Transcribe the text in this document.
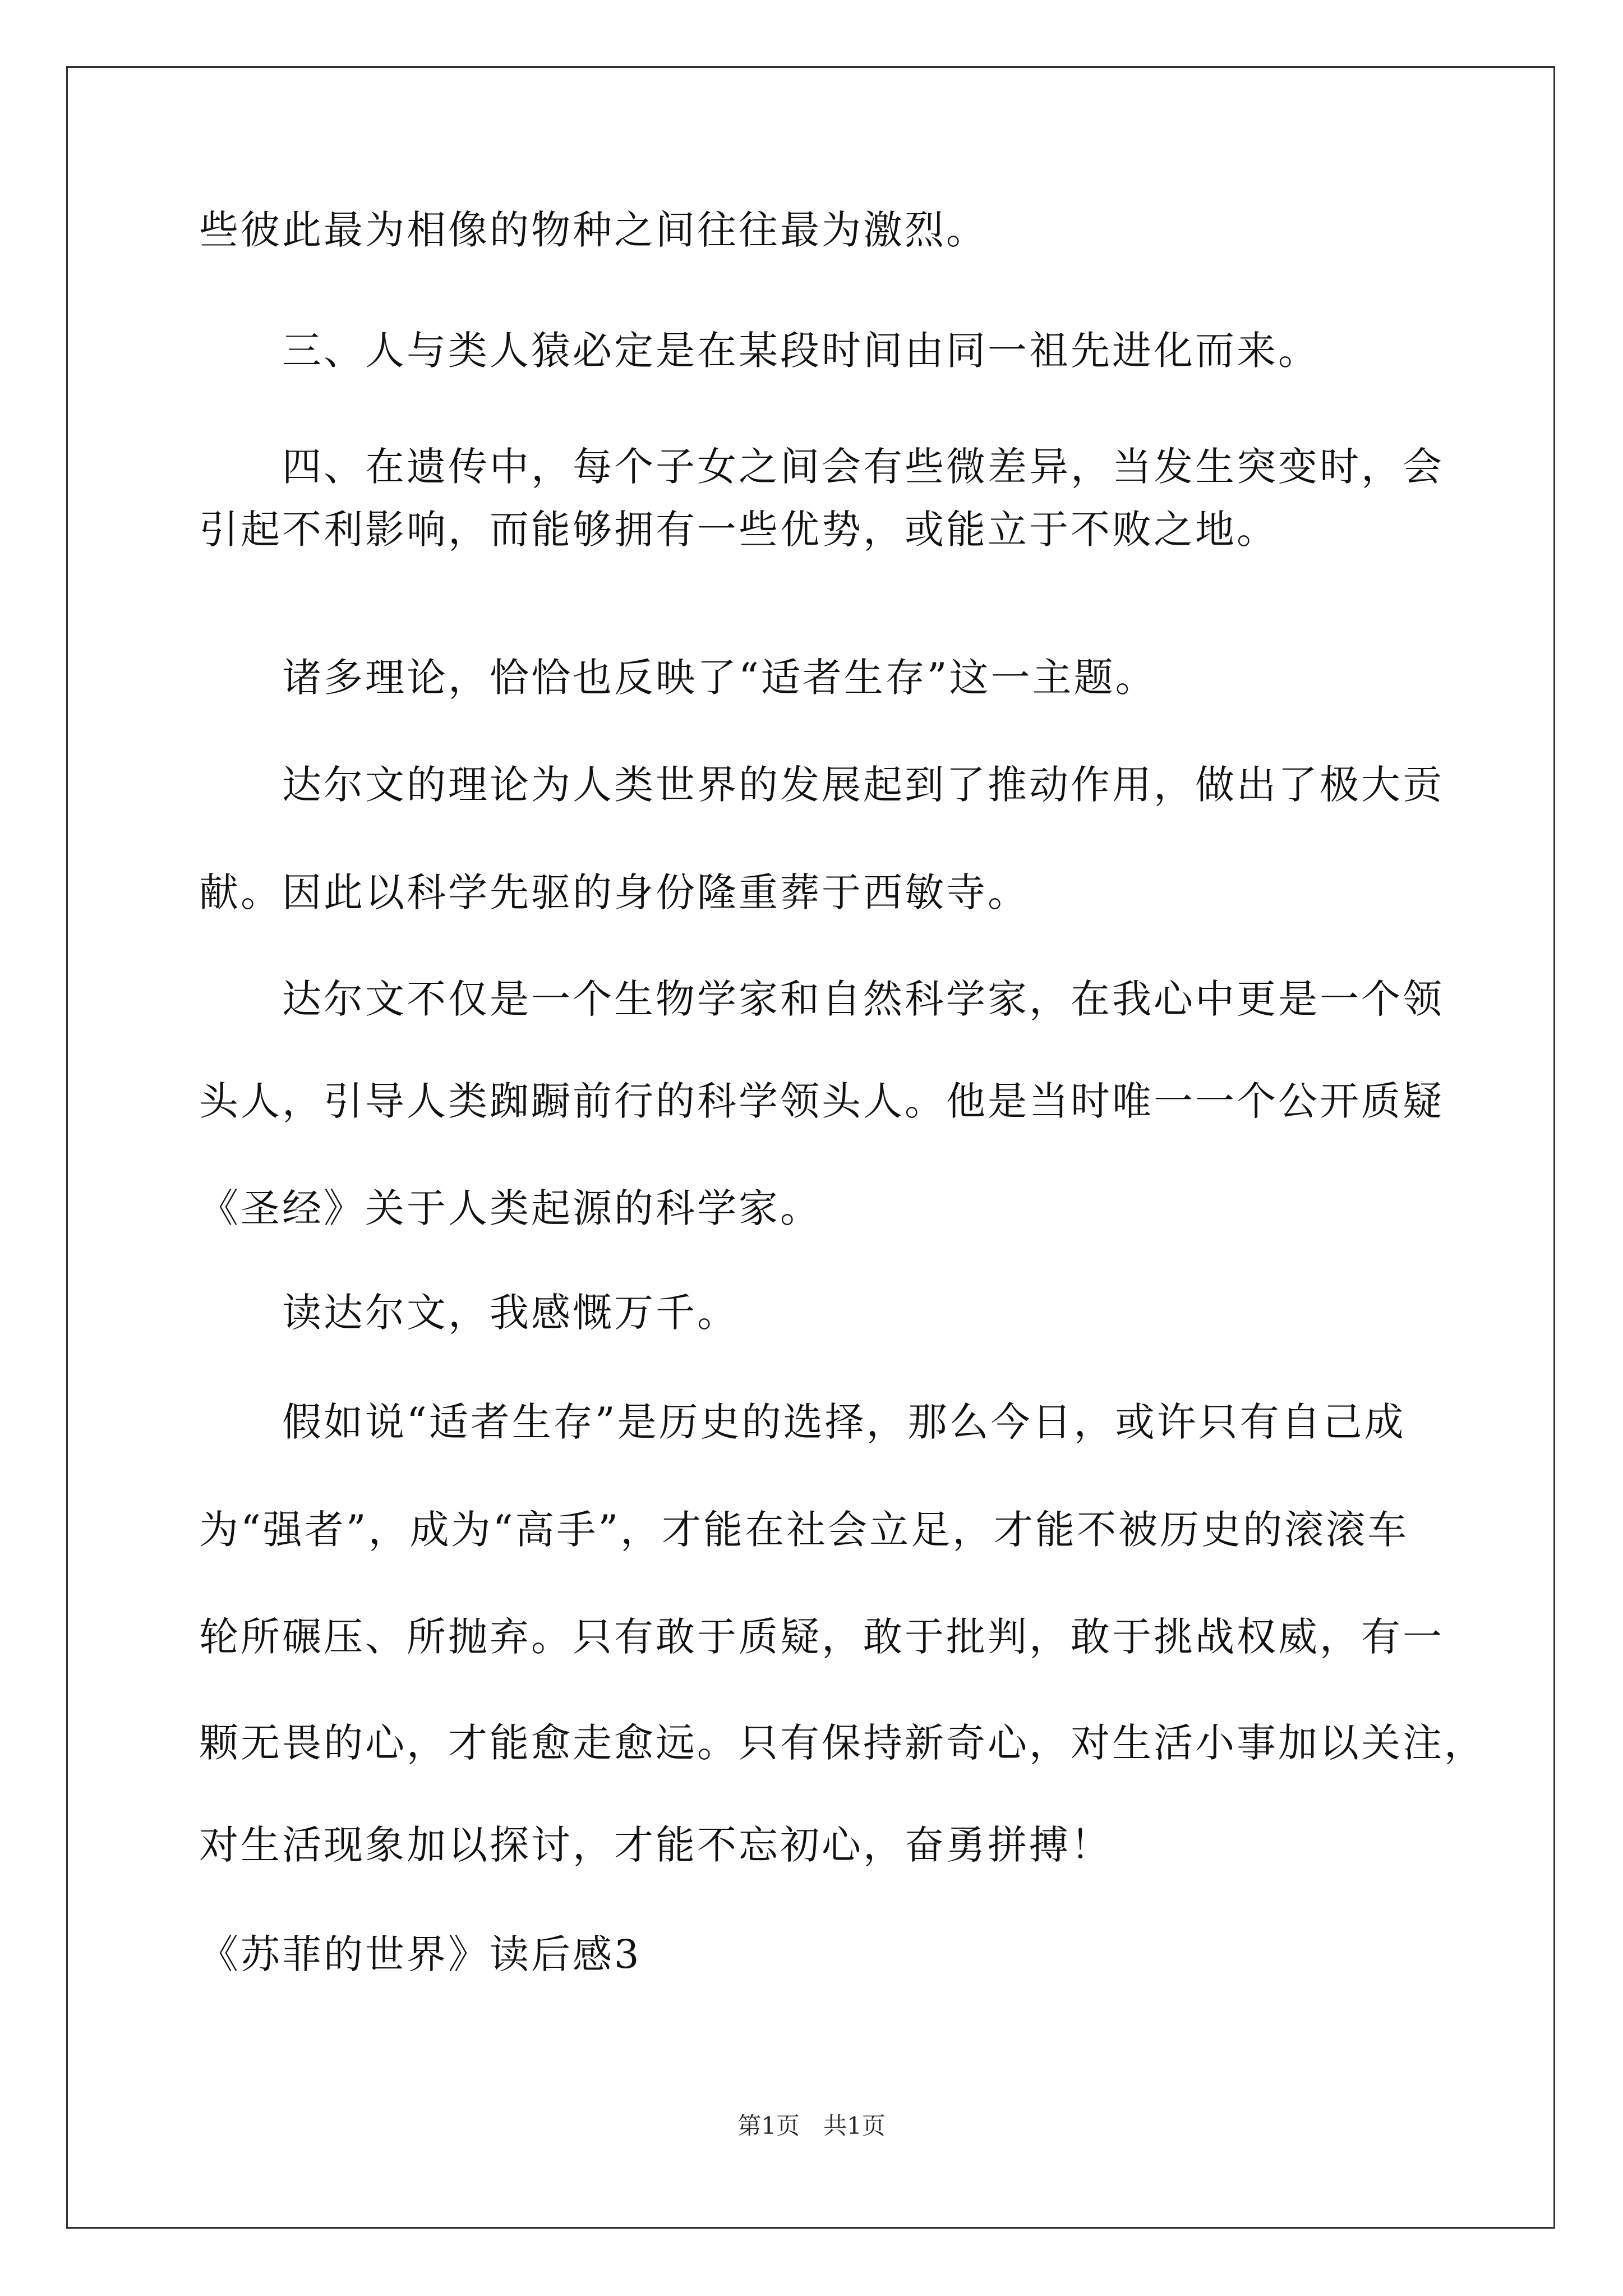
些彼此最为相像的物种之间往往最为激烈。
三、人与类人猿必定是在某段时间由同一祖先进化而来。
四、在遗传中，每个子女之间会有些微差异，当发生突变时，会
引起不利影响，而能够拥有一些优势，或能立于不败之地。
诸多理论，恰恰也反映了“适者生存”这一主题。
达尔文的理论为人类世界的发展起到了推动作用，做出了极大贡
献。因此以科学先驱的身份隆重葬于西敏寺。
达尔文不仅是一个生物学家和自然科学家，在我心中更是一个领
头人，引导人类踟蹰前行的科学领头人。他是当时唯一一个公开质疑
《圣经》关于人类起源的科学家。
读达尔文，我感慨万千。
假如说“适者生存”是历史的选择，那么今日，或许只有自己成
为“强者”，成为“高手”，才能在社会立足，才能不被历史的滚滚车
轮所碾压、所抛弃。只有敢于质疑，敢于批判，敢于挑战权威，有一
颗无畏的心，才能愈走愈远。只有保持新奇心，对生活小事加以关注，
对生活现象加以探讨，才能不忘初心，奋勇拼搏！
《苏菲的世界》读后感3
第1页　共1页
